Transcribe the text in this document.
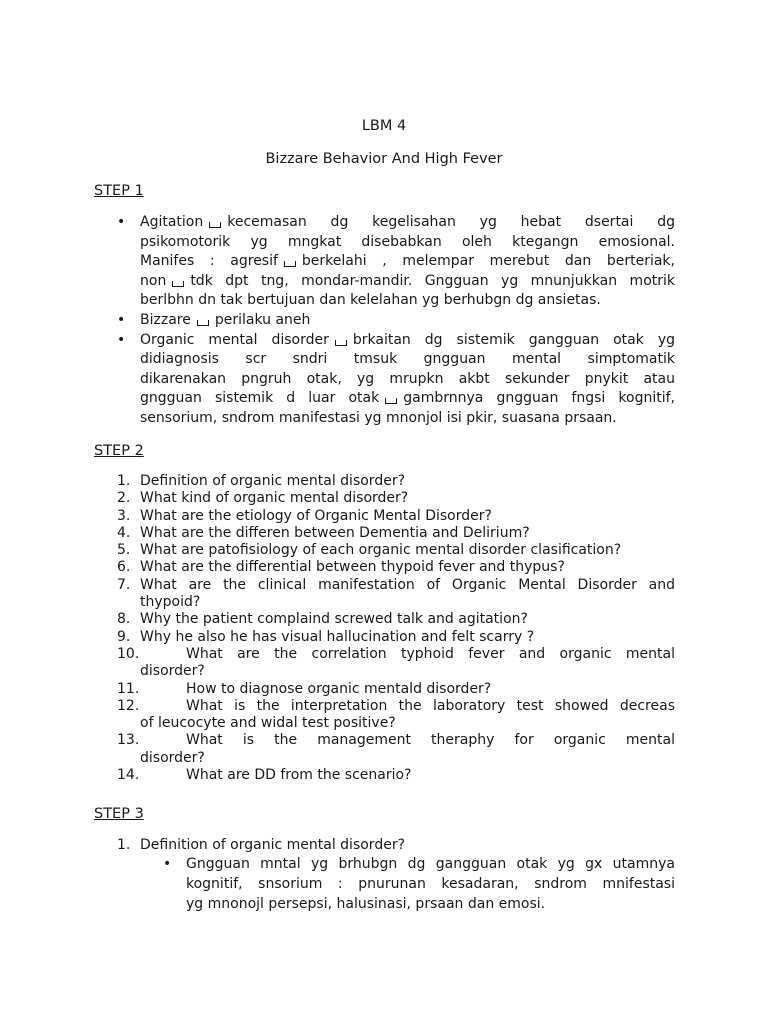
LBM 4
Bizzare Behavior And High Fever
STEP 1
•	Agitation kecemasan dg kegelisahan yg hebat dsertai dg
psikomotorik yg mngkat disebabkan oleh ktegangn emosional.
Manifes : agresif berkelahi , melempar merebut dan berteriak,
non tdk dpt tng, mondar-mandir. Gngguan yg mnunjukkan motrik
berlbhn dn tak bertujuan dan kelelahan yg berhubgn dg ansietas.
•	Bizzare perilaku aneh
•	Organic mental disorder brkaitan dg sistemik gangguan otak yg
didiagnosis scr sndri tmsuk gngguan mental simptomatik
dikarenakan pngruh otak, yg mrupkn akbt sekunder pnykit atau
gngguan sistemik d luar otak gambrnnya gngguan fngsi kognitif,
sensorium, sndrom manifestasi yg mnonjol isi pkir, suasana prsaan.
STEP 2
1. Definition of organic mental disorder?
2. What kind of organic mental disorder?
3. What are the etiology of Organic Mental Disorder?
4. What are the differen between Dementia and Delirium?
5. What are patofisiology of each organic mental disorder clasification?
6. What are the differential between thypoid fever and thypus?
7. What are the clinical manifestation of Organic Mental Disorder and
thypoid?
8. Why the patient complaind screwed talk and agitation?
9. Why he also he has visual hallucination and felt scarry ?
10.	What are the correlation typhoid fever and organic mental
disorder?
11.	How to diagnose organic mentald disorder?
12.	What is the interpretation the laboratory test showed decreas
of leucocyte and widal test positive?
13.	What is the management theraphy for organic mental
disorder?
14.	What are DD from the scenario?
STEP 3
1. Definition of organic mental disorder?
• Gngguan mntal yg brhubgn dg gangguan otak yg gx utamnya
kognitif, snsorium : pnurunan kesadaran, sndrom mnifestasi
yg mnonojl persepsi, halusinasi, prsaan dan emosi.
